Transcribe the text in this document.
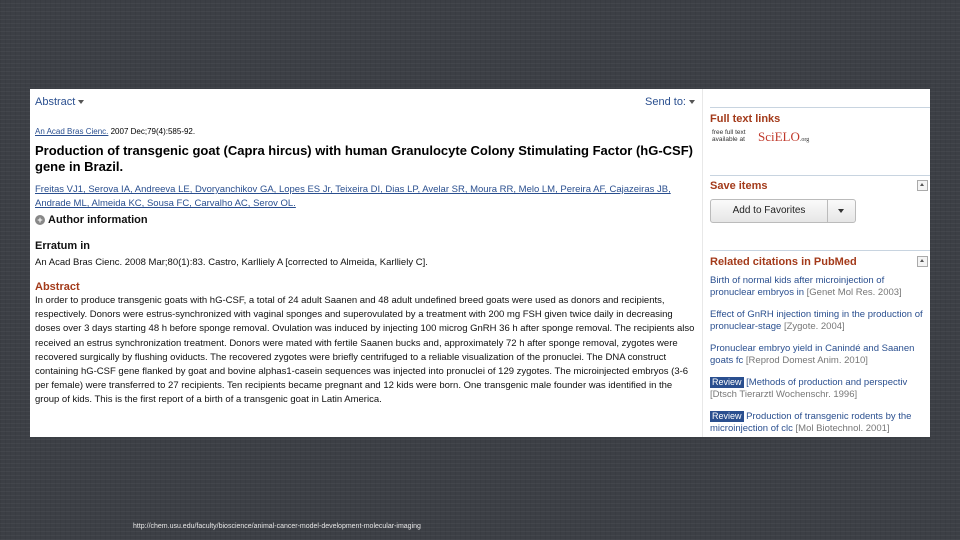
Abstract	Send to:
An Acad Bras Cienc. 2007 Dec;79(4):585-92.
Production of transgenic goat (Capra hircus) with human Granulocyte Colony Stimulating Factor (hG-CSF) gene in Brazil.
Freitas VJ1, Serova IA, Andreeva LE, Dvoryanchikov GA, Lopes ES Jr, Teixeira DI, Dias LP, Avelar SR, Moura RR, Melo LM, Pereira AF, Cajazeiras JB, Andrade ML, Almeida KC, Sousa FC, Carvalho AC, Serov OL.
+ Author information
Erratum in
An Acad Bras Cienc. 2008 Mar;80(1):83. Castro, Karlliely A [corrected to Almeida, Karlliely C].
Abstract

In order to produce transgenic goats with hG-CSF, a total of 24 adult Saanen and 48 adult undefined breed goats were used as donors and recipients, respectively. Donors were estrus-synchronized with vaginal sponges and superovulated by a treatment with 200 mg FSH given twice daily in decreasing doses over 3 days starting 48 h before sponge removal. Ovulation was induced by injecting 100 microg GnRH 36 h after sponge removal. The recipients also received an estrus synchronization treatment. Donors were mated with fertile Saanen bucks and, approximately 72 h after sponge removal, zygotes were recovered surgically by flushing oviducts. The recovered zygotes were briefly centrifuged to a reliable visualization of the pronuclei. The DNA construct containing hG-CSF gene flanked by goat and bovine alphas1-casein sequences was injected into pronuclei of 129 zygotes. The microinjected embryos (3-6 per female) were transferred to 27 recipients. Ten recipients became pregnant and 12 kids were born. One transgenic male founder was identified in the group of kids. This is the first report of a birth of a transgenic goat in Latin America.

Full text links
free full text available at	SciELO.org
Save items
Add to Favorites
Related citations in PubMed
Birth of normal kids after microinjection of pronuclear embryos in [Genet Mol Res. 2003]
Effect of GnRH injection timing in the production of pronuclear-stage [Zygote. 2004]
Pronuclear embryo yield in Canindé and Saanen goats fc [Reprod Domest Anim. 2010]
Review [Methods of production and perspectiv [Dtsch Tierarztl Wochenschr. 1996]
Review Production of transgenic rodents by the microinjection of clc [Mol Biotechnol. 2001]
http://chem.usu.edu/faculty/bioscience/animal-cancer-model-development-molecular-imaging
